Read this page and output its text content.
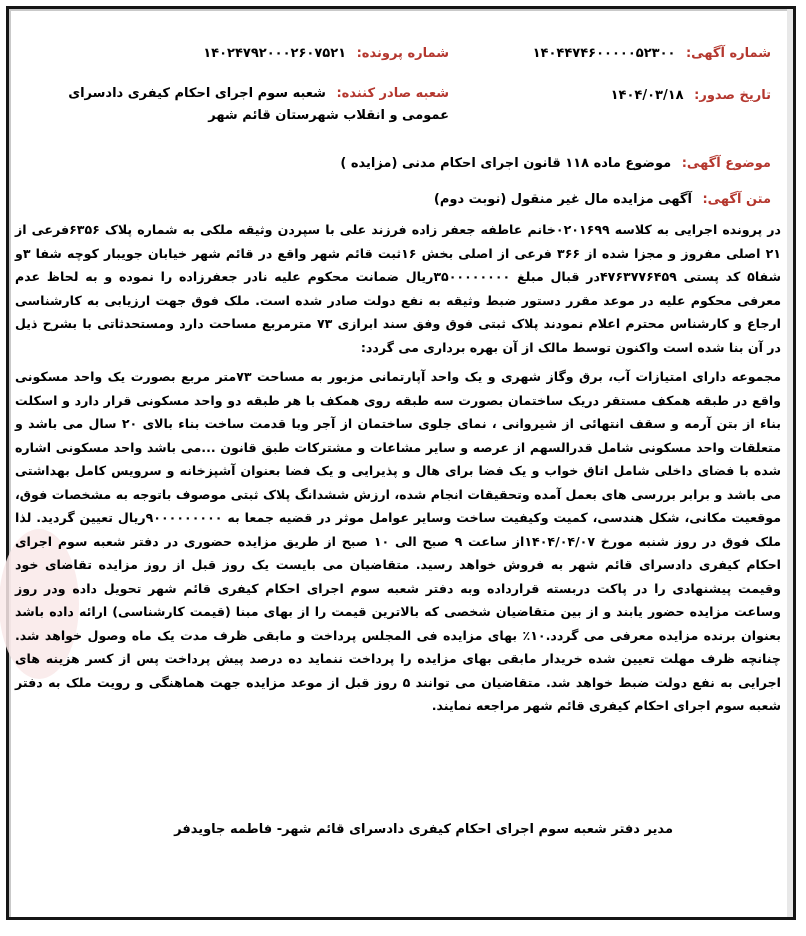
شماره آگهی: ۱۴۰۴۴۷۴۶۰۰۰۰۰۵۲۳۰۰
شماره پرونده: ۱۴۰۲۴۷۹۲۰۰۰۲۶۰۷۵۲۱
تاریخ صدور: ۱۴۰۴/۰۳/۱۸
شعبه صادر کننده: شعبه سوم اجرای احکام کیفری دادسرای عمومی و انقلاب شهرستان قائم شهر
موضوع آگهی: موضوع ماده ۱۱۸ قانون اجرای احکام مدنی (مزایده )
متن آگهی: آگهی مزایده مال غیر منقول (نوبت دوم)

در پرونده اجرایی به کلاسه ۰۲۰۱۶۹۹خانم عاطفه جعفر زاده فرزند علی با سپردن وثیقه ملکی به شماره پلاک ۶۳۵۶فرعی از ۲۱ اصلی مفروز و مجزا شده از ۳۶۶ فرعی از اصلی بخش ۱۶ثبت قائم شهر واقع در قائم شهر خیابان جویبار کوچه شفا ۳و شفا۵ کد پستی ۴۷۶۳۷۷۶۴۵۹در قبال مبلغ ۳۵۰۰۰۰۰۰۰۰ریال ضمانت محکوم علیه نادر جعفرزاده را نموده و به لحاظ عدم معرفی محکوم علیه در موعد مقرر دستور ضبط وثیقه به نفع دولت صادر شده است. ملک فوق جهت ارزیابی به کارشناسی ارجاع و کارشناس محترم اعلام نمودند پلاک ثبتی فوق وفق سند ابرازی ۷۳ مترمربع مساحت دارد ومستحدثاتی با بشرح ذیل در آن بنا شده است واکنون توسط مالک از آن بهره برداری می گردد:

مجموعه دارای امتیازات آب، برق وگاز شهری و یک واحد آپارتمانی مزبور به مساحت ۷۳متر مربع بصورت یک واحد مسکونی واقع در طبقه همکف مستقر دریک ساختمان بصورت سه طبقه روی همکف با هر طبقه دو واحد مسکونی قرار دارد و اسکلت بناء از بتن آرمه و سقف انتهائی از شیروانی ، نمای جلوی ساختمان از آجر وبا قدمت ساخت بناء بالای ۲۰ سال می باشد و متعلقات واحد مسکونی شامل قدرالسهم از عرصه و سایر مشاعات و مشترکات طبق قانون ...می باشد واحد مسکونی اشاره شده با فضای داخلی شامل اتاق خواب و یک فضا برای هال و پذیرایی و یک فضا بعنوان آشپزخانه و سرویس کامل بهداشتی می باشد و برابر بررسی های بعمل آمده وتحقیقات انجام شده، ارزش ششدانگ پلاک ثبتی موصوف باتوجه به مشخصات فوق، موقعیت مکانی، شکل هندسی، کمیت وکیفیت ساخت وسایر عوامل موثر در قضیه جمعا به ۹۰۰۰۰۰۰۰۰۰ریال تعیین گردید. لذا ملک فوق در روز شنبه مورخ ۱۴۰۴/۰۴/۰۷از ساعت ۹ صبح الی ۱۰ صبح از طریق مزایده حضوری در دفتر شعبه سوم اجرای احکام کیفری دادسرای قائم شهر به فروش خواهد رسید. متقاضیان می بایست یک روز قبل از روز مزایده تقاضای خود وقیمت پیشنهادی را در پاکت دربسته قرارداده وبه دفتر شعبه سوم اجرای احکام کیفری قائم شهر تحویل داده ودر روز وساعت مزایده حضور یابند و از بین متقاضیان شخصی که بالاترین قیمت را از بهای مبنا (قیمت کارشناسی) ارائه داده باشد بعنوان برنده مزایده معرفی می گردد.۱۰٪ بهای مزایده فی المجلس پرداخت و مابقی ظرف مدت یک ماه وصول خواهد شد. چنانچه ظرف مهلت تعیین شده خریدار مابقی بهای مزایده را پرداخت ننماید ده درصد پیش پرداخت پس از کسر هزینه های اجرایی به نفع دولت ضبط خواهد شد. متقاضیان می توانند ۵ روز قبل از موعد مزایده جهت هماهنگی و رویت ملک به دفتر شعبه سوم اجرای احکام کیفری قائم شهر مراجعه نمایند.

مدیر دفتر شعبه سوم اجرای احکام کیفری دادسرای قائم شهر- فاطمه جاویدفر
